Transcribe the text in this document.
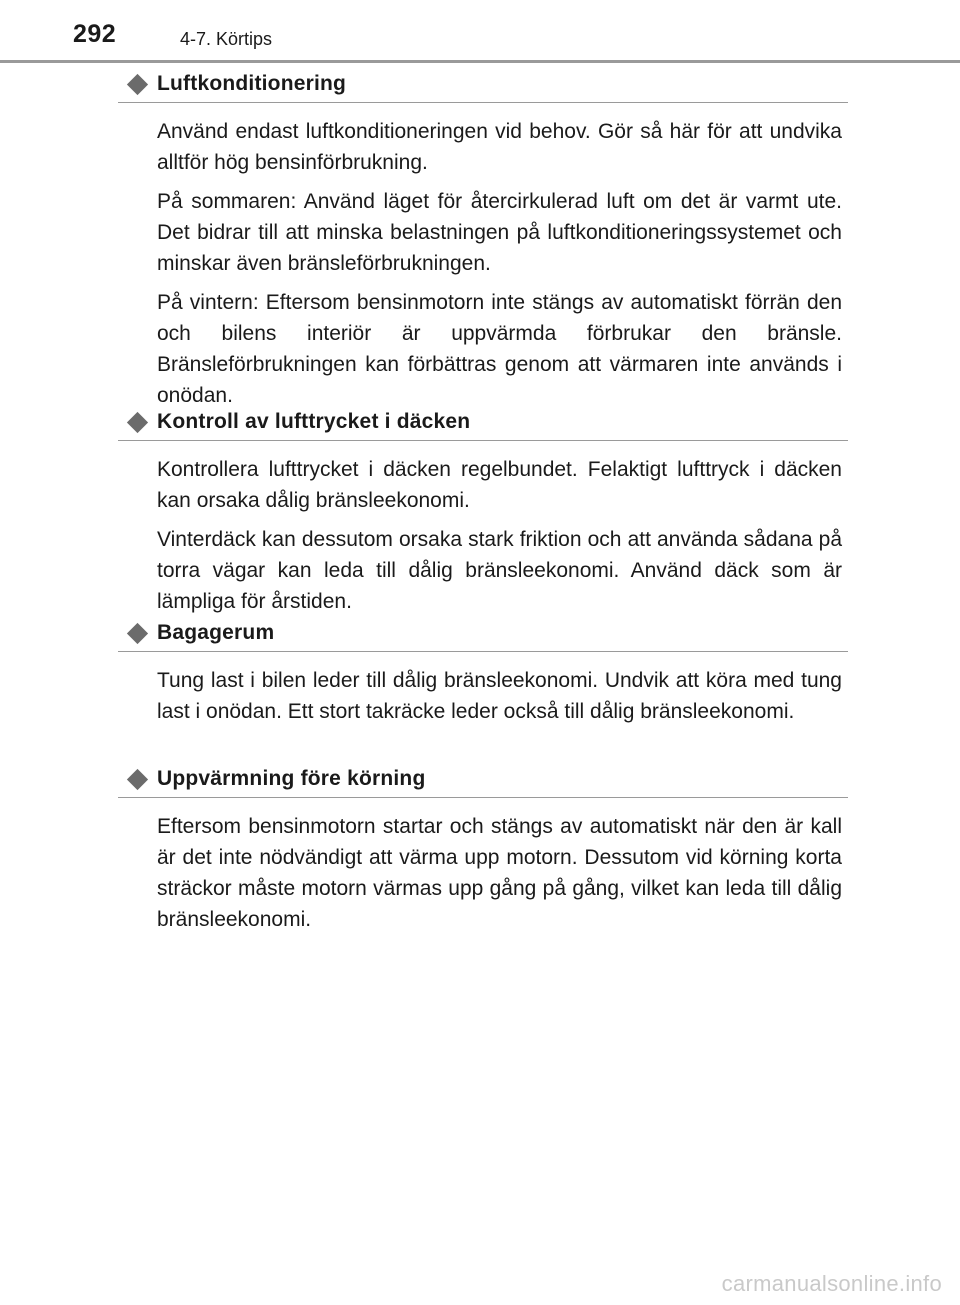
292	4-7. Körtips
Luftkonditionering

Använd endast luftkonditioneringen vid behov. Gör så här för att undvika alltför hög bensinförbrukning.

På sommaren: Använd läget för återcirkulerad luft om det är varmt ute. Det bidrar till att minska belastningen på luftkonditioneringssystemet och minskar även bränsleförbrukningen.

På vintern: Eftersom bensinmotorn inte stängs av automatiskt förrän den och bilens interiör är uppvärmda förbrukar den bränsle. Bränsleförbrukningen kan förbättras genom att värmaren inte används i onödan.

Kontroll av lufttrycket i däcken

Kontrollera lufttrycket i däcken regelbundet. Felaktigt lufttryck i däcken kan orsaka dålig bränsleekonomi.

Vinterdäck kan dessutom orsaka stark friktion och att använda sådana på torra vägar kan leda till dålig bränsleekonomi. Använd däck som är lämpliga för årstiden.

Bagagerum

Tung last i bilen leder till dålig bränsleekonomi. Undvik att köra med tung last i onödan. Ett stort takräcke leder också till dålig bränsleekonomi.

Uppvärmning före körning

Eftersom bensinmotorn startar och stängs av automatiskt när den är kall är det inte nödvändigt att värma upp motorn. Dessutom vid körning korta sträckor måste motorn värmas upp gång på gång, vilket kan leda till dålig bränsleekonomi.

carmanualsonline.info
